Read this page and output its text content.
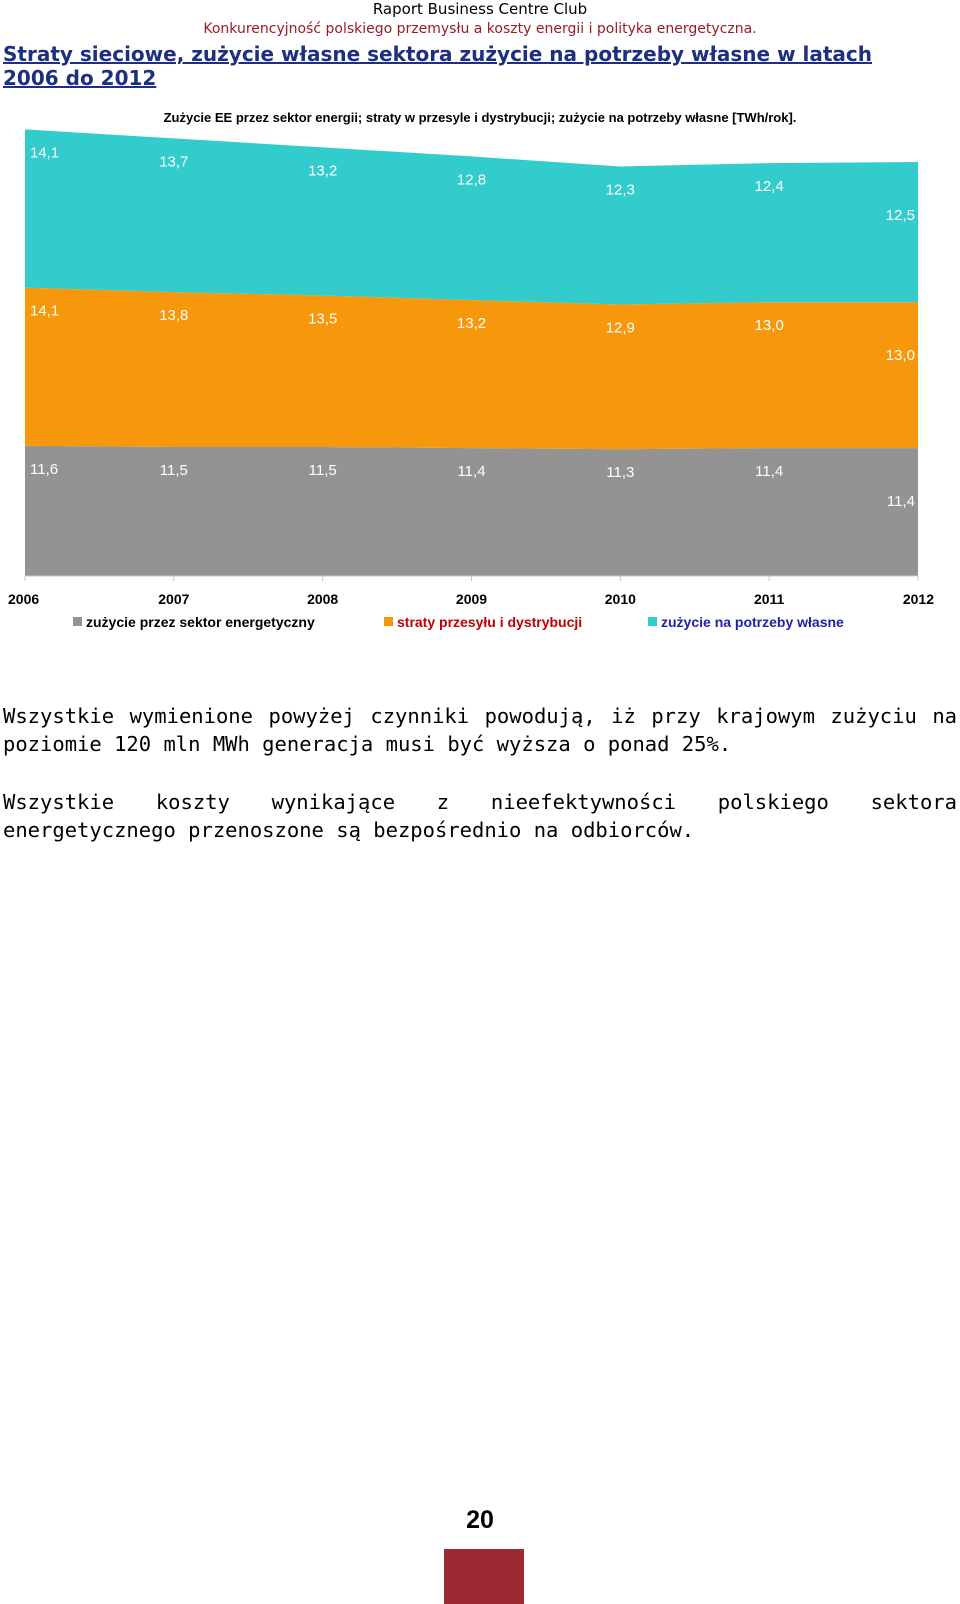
Raport Business Centre Club
Konkurencyjność polskiego przemysłu a koszty energii i polityka energetyczna.
Straty sieciowe, zużycie własne sektora zużycie na potrzeby własne w latach 2006 do 2012
Zużycie EE przez sektor energii; straty w przesyle i dystrybucji; zużycie na potrzeby własne [TWh/rok].
2006	2007	2008	2009	2010	2011	2012
11,6	11,5	11,5	11,4	11,3	11,4
11,4
14,1	13,8	13,5	13,2	12,9	13,0
13,0
14,1
13,7
13,2
12,8
12,3	12,4
12,5
zużycie przez sektor energetyczny	straty przesyłu i dystrybucji	zużycie na potrzeby własne
Wszystkie wymienione powyżej czynniki powodują, iż przy krajowym zużyciu na poziomie 120 mln MWh generacja musi być wyższa o ponad 25%.
Wszystkie koszty wynikające z nieefektywności polskiego sektora energetycznego przenoszone są bezpośrednio na odbiorców.
20
